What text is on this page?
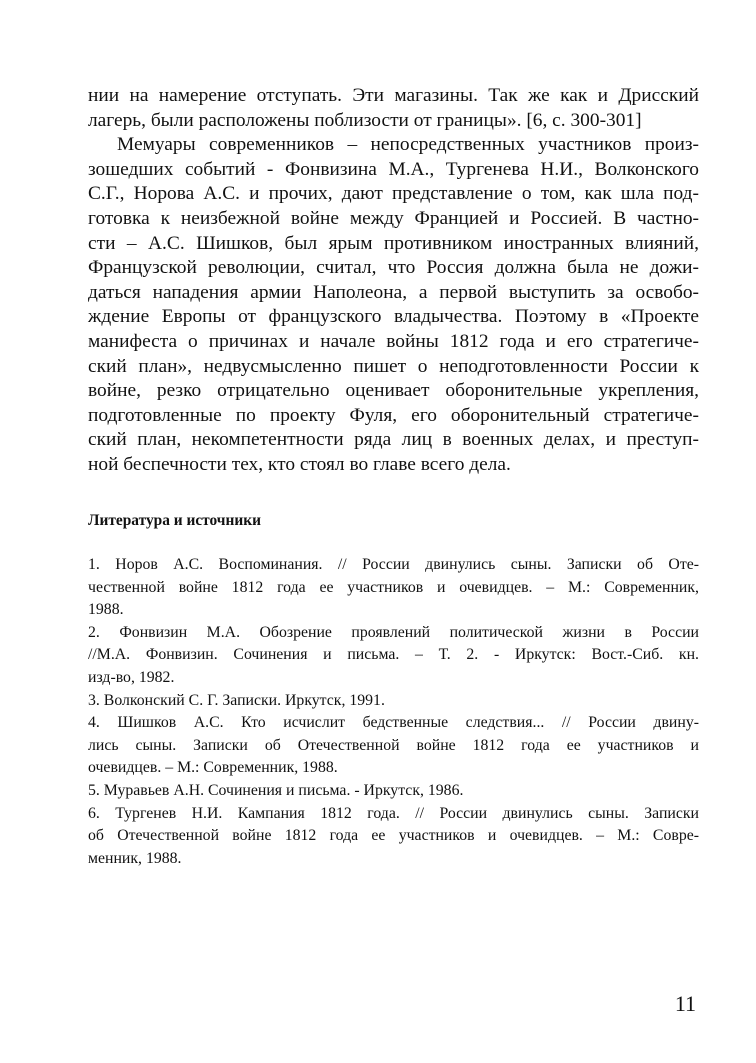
нии на намерение отступать. Эти магазины. Так же как и Дрисский
лагерь, были расположены поблизости от границы». [6, с. 300-301]
Мемуары современников – непосредственных участников произ-
зошедших событий - Фонвизина М.А., Тургенева Н.И., Волконского
С.Г., Норова А.С. и прочих, дают представление о том, как шла под-
готовка к неизбежной войне между Францией и Россией. В частно-
сти – А.С. Шишков, был ярым противником иностранных влияний,
Французской революции, считал, что Россия должна была не дожи-
даться нападения армии Наполеона, а первой выступить за освобо-
ждение Европы от французского владычества. Поэтому в «Проекте
манифеста о причинах и начале войны 1812 года и его стратегиче-
ский план», недвусмысленно пишет о неподготовленности России к
войне, резко отрицательно оценивает оборонительные укрепления,
подготовленные по проекту Фуля, его оборонительный стратегиче-
ский план, некомпетентности ряда лиц в военных делах, и преступ-
ной беспечности тех, кто стоял во главе всего дела.
Литература и источники
1. Норов А.С. Воспоминания. // России двинулись сыны. Записки об Оте-
чественной войне 1812 года ее участников и очевидцев. – М.: Современник,
1988.
2. Фонвизин М.А. Обозрение проявлений политической жизни в России
//М.А. Фонвизин. Сочинения и письма. – Т. 2. - Иркутск: Вост.-Сиб. кн.
изд-во, 1982.
3. Волконский С. Г. Записки. Иркутск, 1991.
4. Шишков А.С. Кто исчислит бедственные следствия... // России двину-
лись сыны. Записки об Отечественной войне 1812 года ее участников и
очевидцев. – М.: Современник, 1988.
5. Муравьев А.Н. Сочинения и письма. - Иркутск, 1986.
6. Тургенев Н.И. Кампания 1812 года. // России двинулись сыны. Записки
об Отечественной войне 1812 года ее участников и очевидцев. – М.: Совре-
менник, 1988.
11
